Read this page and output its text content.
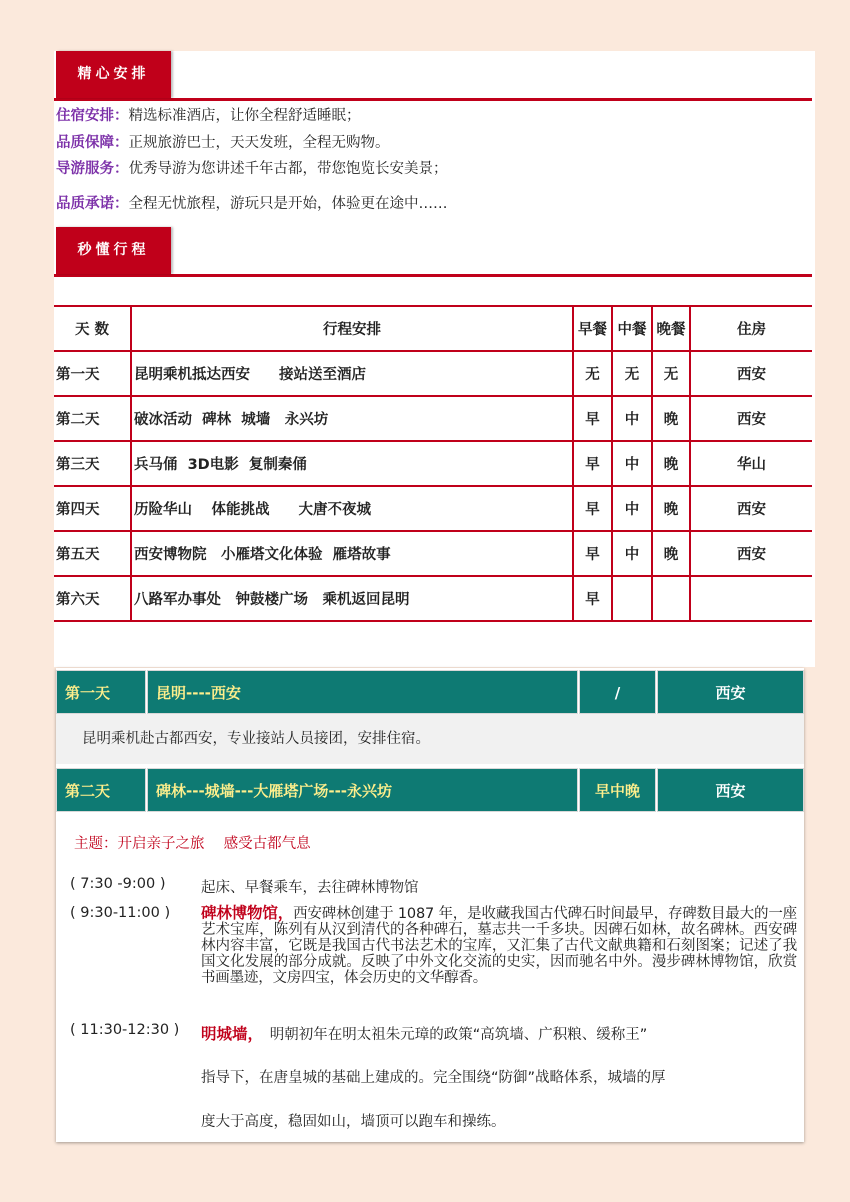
精心安排
住宿安排：精选标准酒店，让你全程舒适睡眠；
品质保障：正规旅游巴士，天天发班，全程无购物。
导游服务：优秀导游为您讲述千年古都，带您饱览长安美景；
品质承诺：全程无忧旅程，游玩只是开始，体验更在途中……
秒懂行程
天 数	行程安排	早餐	中餐	晚餐	住房
第一天	昆明乘机抵达西安　　接站送至酒店	无	无	无	西安
第二天	破冰活动  碑林  城墙　永兴坊	早	中	晚	西安
第三天	兵马俑  3D电影  复制秦俑	早	中	晚	华山
第四天	历险华山　 体能挑战　　大唐不夜城	早	中	晚	西安
第五天	西安博物院　小雁塔文化体验  雁塔故事	早	中	晚	西安
第六天	八路军办事处　钟鼓楼广场　乘机返回昆明	早			
第一天	昆明----西安	/	西安
昆明乘机赴古都西安，专业接站人员接团，安排住宿。
第二天	碑林---城墙---大雁塔广场---永兴坊	早中晚	西安
主题：开启亲子之旅　 感受古都气息
( 7:30 -9:00 ) 起床、早餐乘车，去往碑林博物馆
( 9:30-11:00 ) 碑林博物馆，西安碑林创建于 1087 年，是收藏我国古代碑石时间最早，存碑数目最大的一座艺术宝库，陈列有从汉到清代的各种碑石，墓志共一千多块。因碑石如林，故名碑林。西安碑林内容丰富，它既是我国古代书法艺术的宝库，又汇集了古代文献典籍和石刻图案；记述了我国文化发展的部分成就。反映了中外文化交流的史实，因而驰名中外。漫步碑林博物馆，欣赏书画墨迹，文房四宝，体会历史的文华醇香。
( 11:30-12:30 ) 明城墙，　 明朝初年在明太祖朱元璋的政策“高筑墙、广积粮、缓称王”
指导下，在唐皇城的基础上建成的。完全围绕“防御”战略体系，城墙的厚
度大于高度，稳固如山，墙顶可以跑车和操练。
